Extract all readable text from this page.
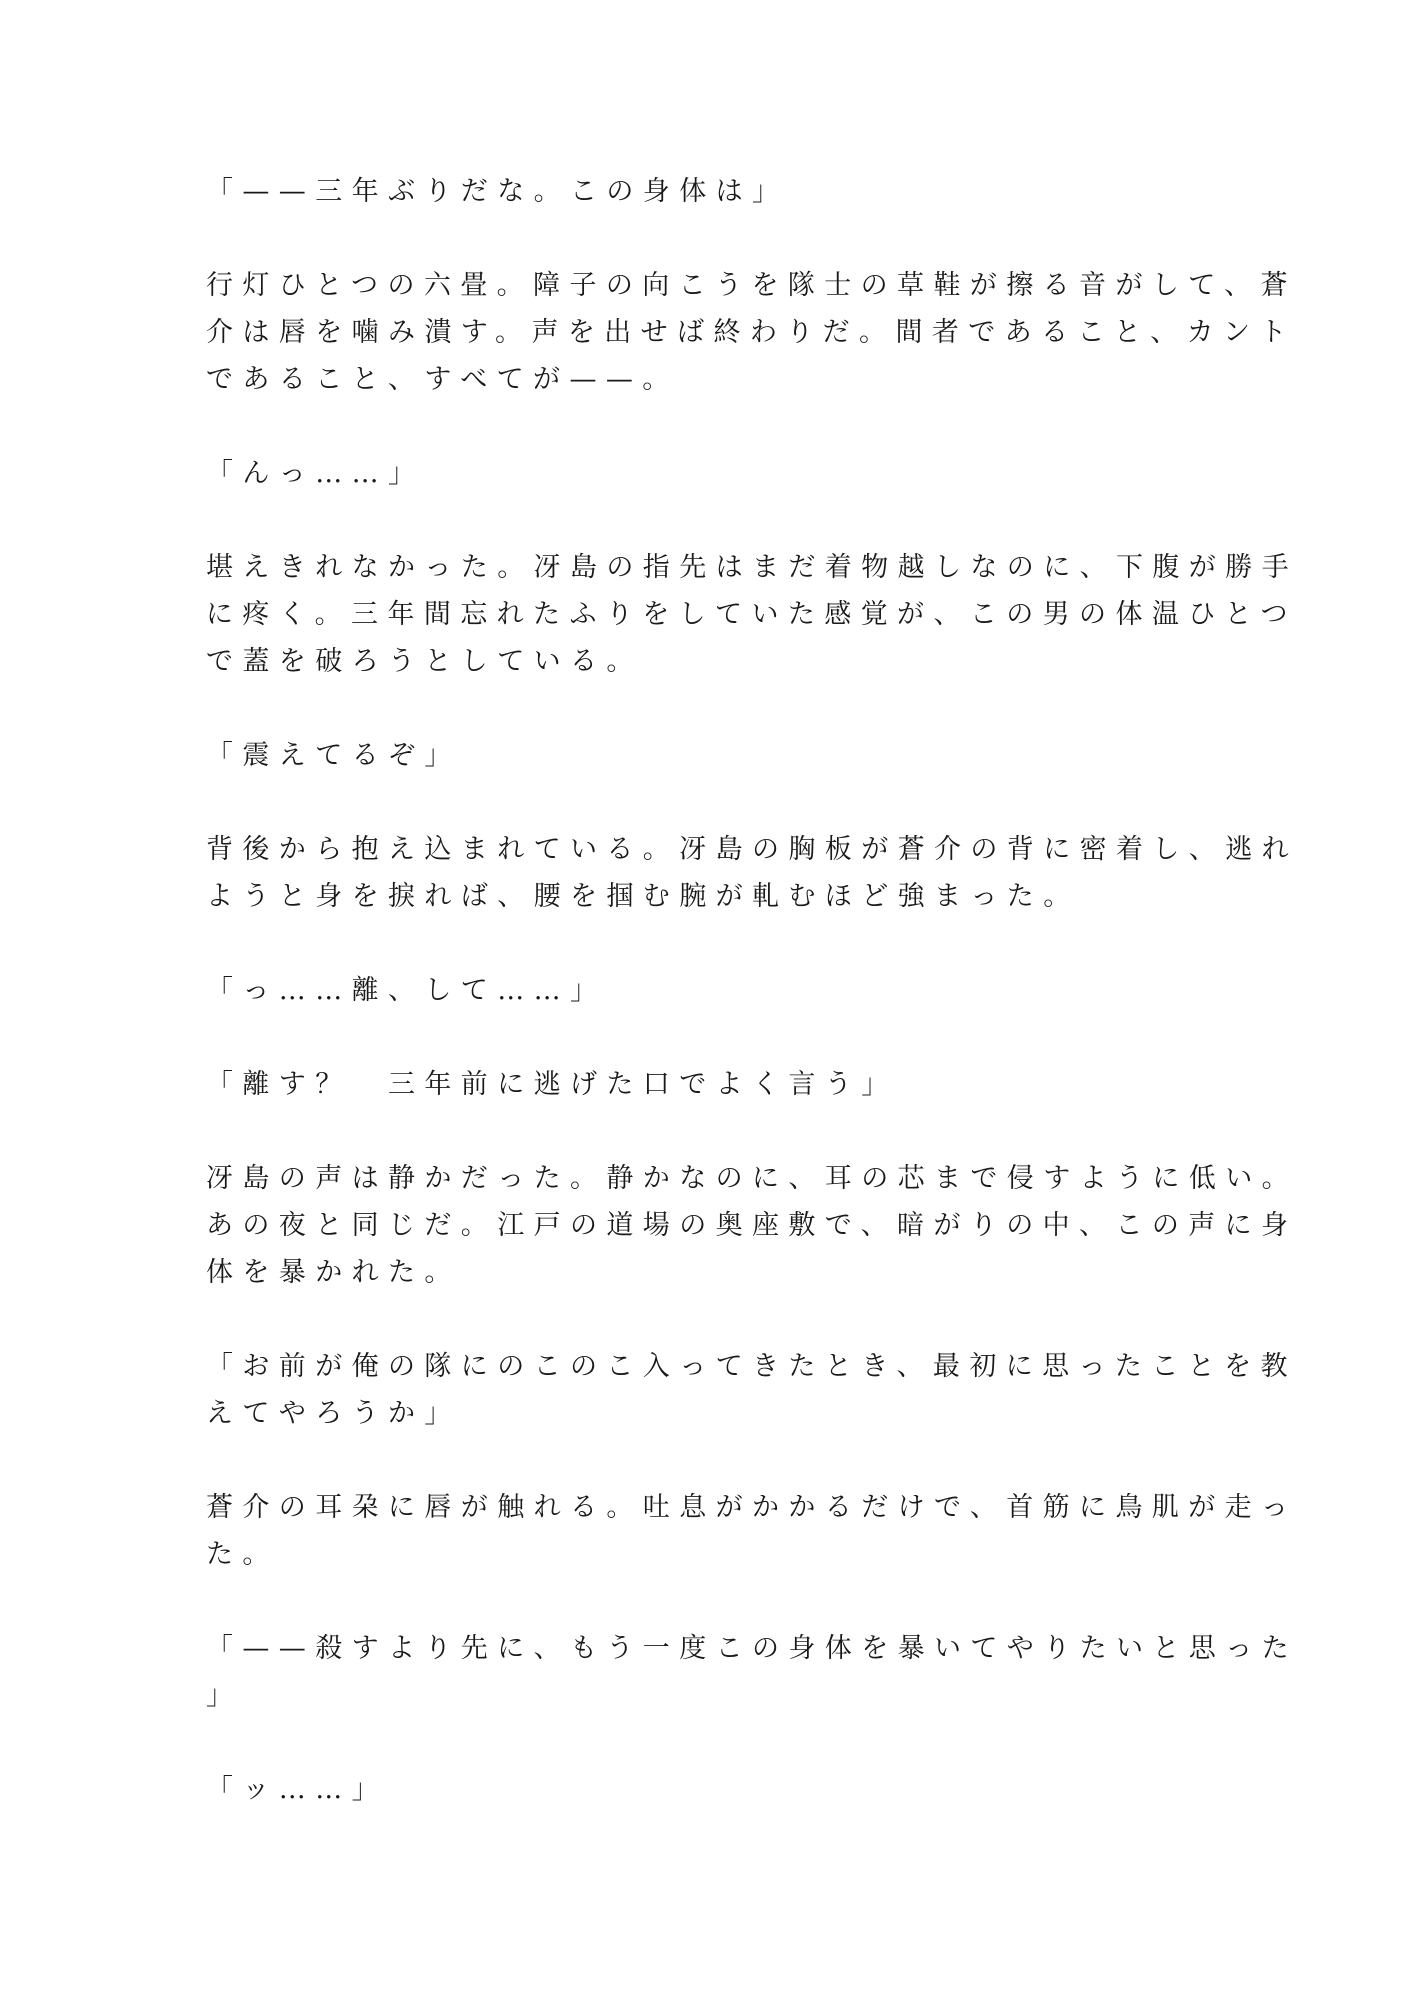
「——三年ぶりだな。この身体は」

行灯ひとつの六畳。障子の向こうを隊士の草鞋が擦る音がして、蒼
介は唇を噛み潰す。声を出せば終わりだ。間者であること、カント
であること、すべてが——。

「んっ……」

堪えきれなかった。冴島の指先はまだ着物越しなのに、下腹が勝手
に疼く。三年間忘れたふりをしていた感覚が、この男の体温ひとつ
で蓋を破ろうとしている。

「震えてるぞ」

背後から抱え込まれている。冴島の胸板が蒼介の背に密着し、逃れ
ようと身を捩れば、腰を掴む腕が軋むほど強まった。

「っ……離、して……」

「離す？　三年前に逃げた口でよく言う」

冴島の声は静かだった。静かなのに、耳の芯まで侵すように低い。
あの夜と同じだ。江戸の道場の奥座敷で、暗がりの中、この声に身
体を暴かれた。

「お前が俺の隊にのこのこ入ってきたとき、最初に思ったことを教
えてやろうか」

蒼介の耳朶に唇が触れる。吐息がかかるだけで、首筋に鳥肌が走っ
た。

「——殺すより先に、もう一度この身体を暴いてやりたいと思った
」

「ッ……」
